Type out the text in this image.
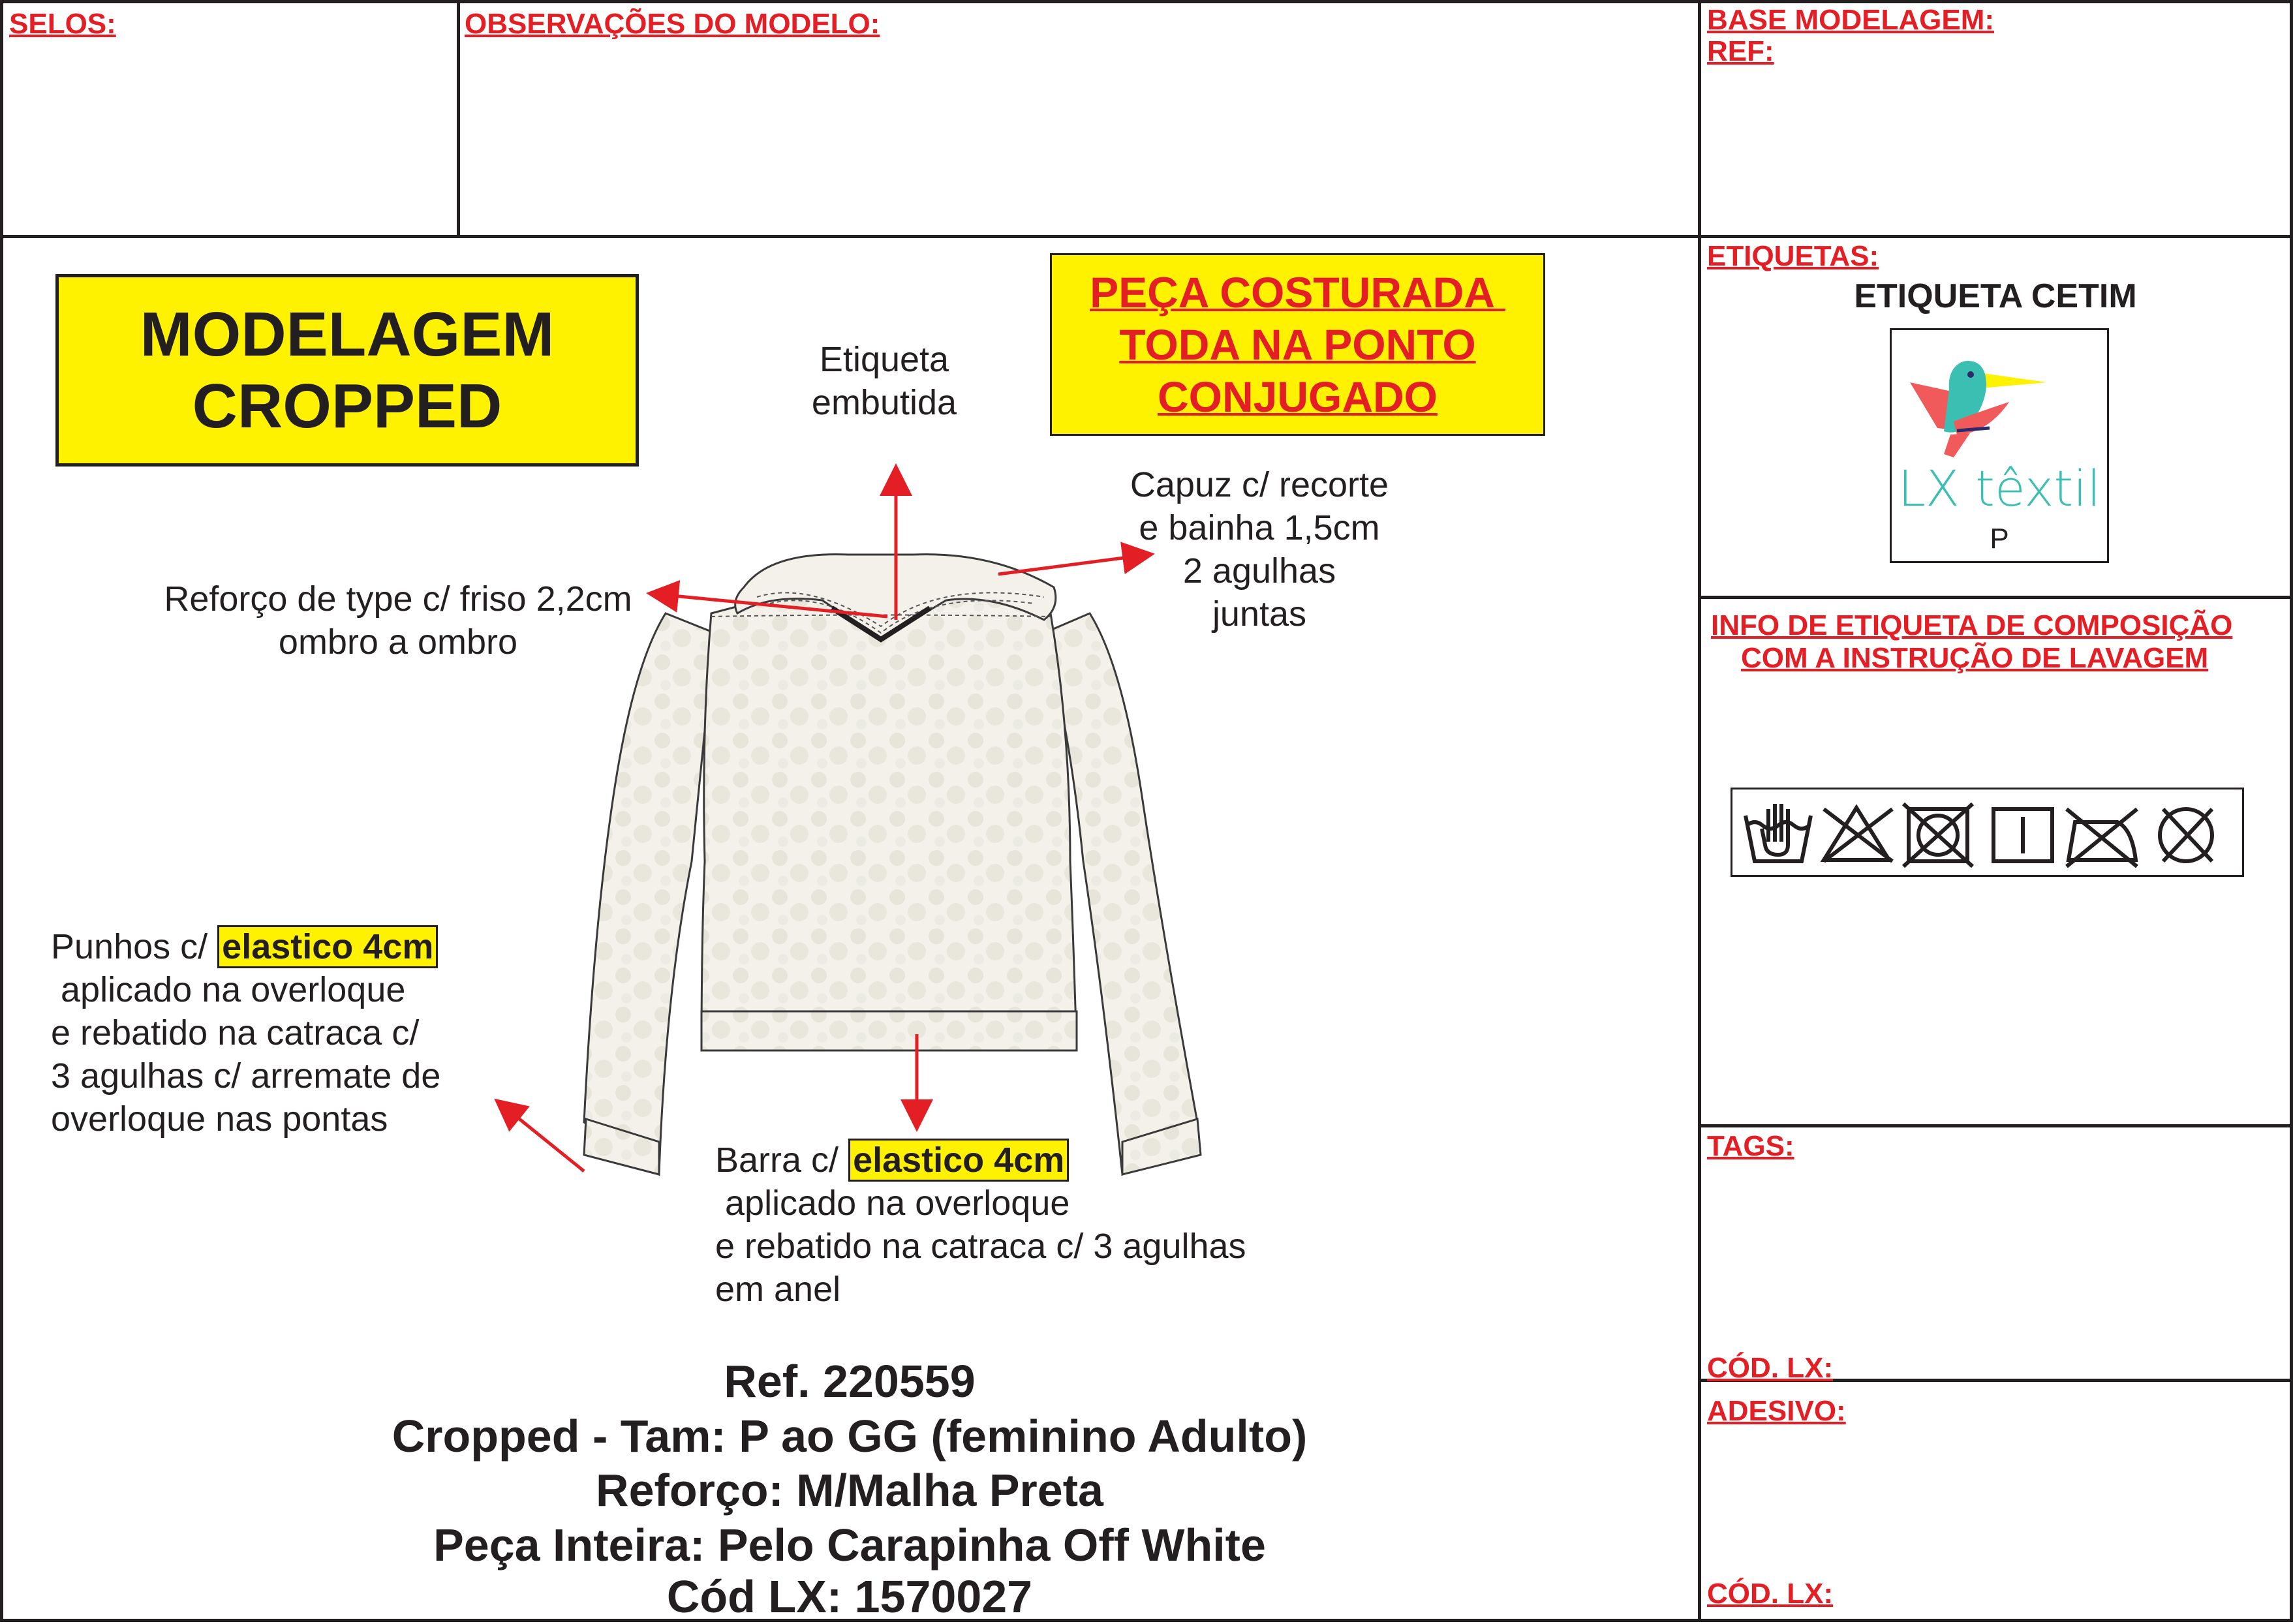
SELOS:	OBSERVAÇÕES DO MODELO:	BASE MODELAGEM:
REF:
ETIQUETAS:
INFO DE ETIQUETA DE COMPOSIÇÃO
COM A INSTRUÇÃO DE LAVAGEM
TAGS:
CÓD. LX:
ADESIVO:
CÓD. LX:
ETIQUETA CETIM
LX têxtil
P
MODELAGEM
CROPPED
PEÇA COSTURADA
TODA NA PONTO
CONJUGADO
Etiqueta
embutida
Capuz c/ recorte
e bainha 1,5cm
2 agulhas
juntas
Reforço de type c/ friso 2,2cm
ombro a ombro
Punhos c/ elastico 4cm
aplicado na overloque
e rebatido na catraca c/
3 agulhas c/ arremate de
overloque nas pontas
Barra c/ elastico 4cm
aplicado na overloque
e rebatido na catraca c/ 3 agulhas
em anel
Ref. 220559
Cropped - Tam: P ao GG (feminino Adulto)
Reforço: M/Malha Preta
Peça Inteira: Pelo Carapinha Off White
Cód LX: 1570027
